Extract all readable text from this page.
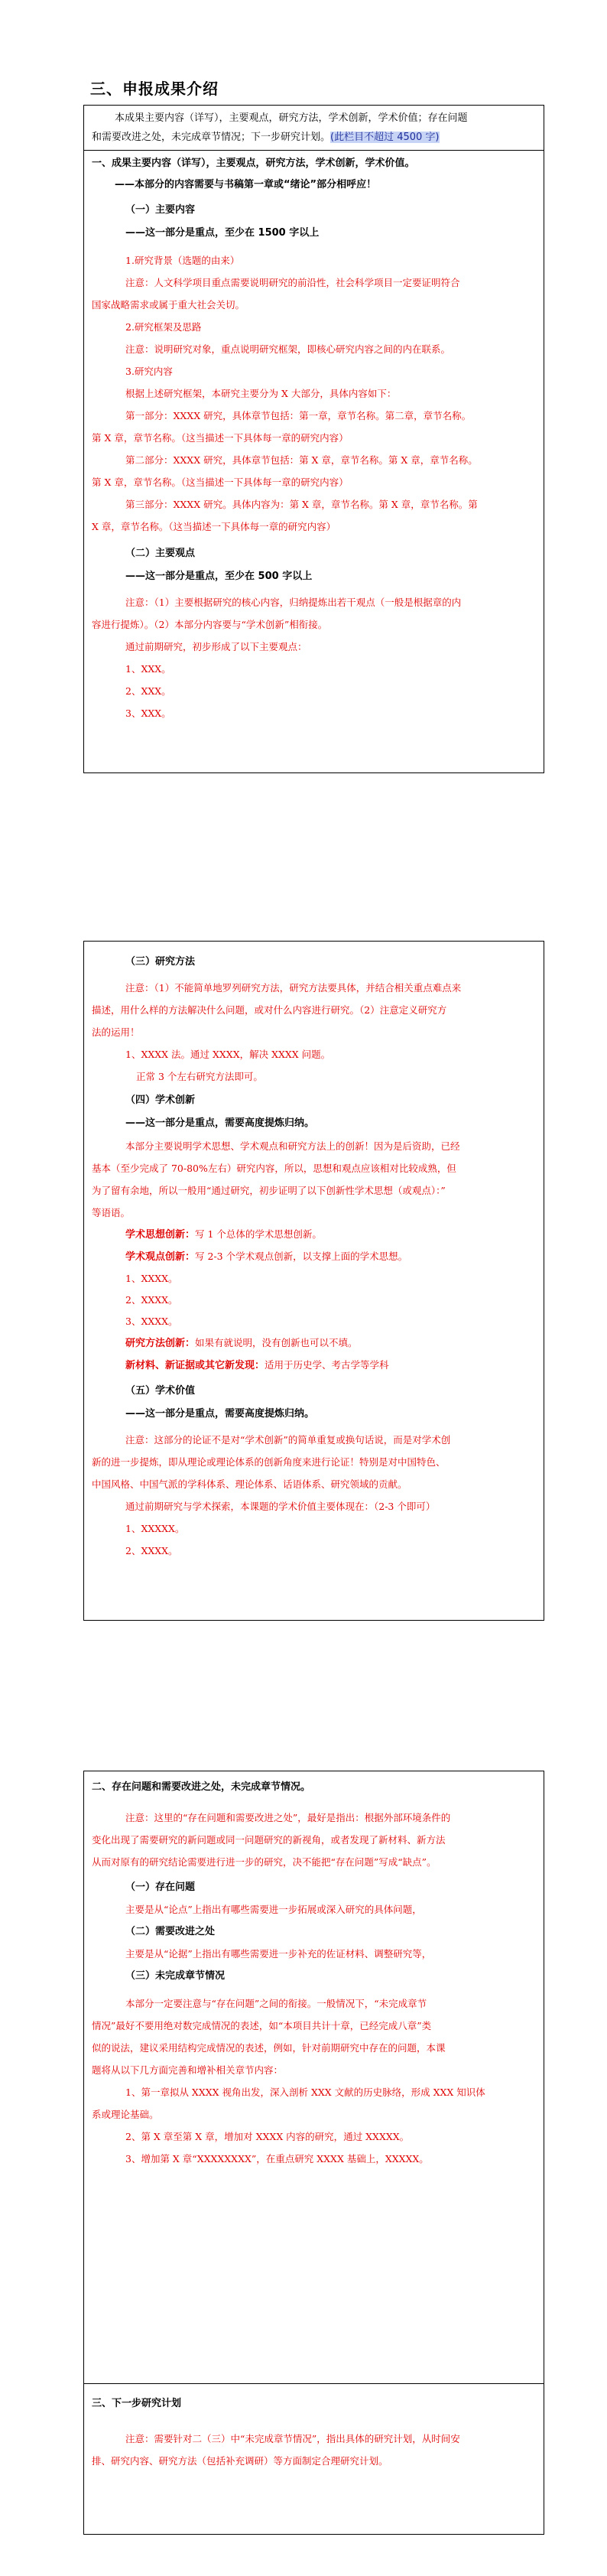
三、申报成果介绍
本成果主要内容（详写），主要观点，研究方法，学术创新，学术价值；存在问题
和需要改进之处，未完成章节情况；下一步研究计划。(此栏目不超过 4500 字)
一、成果主要内容（详写），主要观点，研究方法，学术创新，学术价值。
——本部分的内容需要与书稿第一章或“绪论”部分相呼应！
（一）主要内容
——这一部分是重点，至少在 1500 字以上
1.研究背景（选题的由来）
注意：人文科学项目重点需要说明研究的前沿性，社会科学项目一定要证明符合
国家战略需求或属于重大社会关切。
2.研究框架及思路
注意：说明研究对象，重点说明研究框架，即核心研究内容之间的内在联系。
3.研究内容
根据上述研究框架，本研究主要分为 X 大部分，具体内容如下：
第一部分：XXXX 研究，具体章节包括：第一章，章节名称。第二章，章节名称。
第 X 章，章节名称。（这当描述一下具体每一章的研究内容）
第二部分：XXXX 研究，具体章节包括：第 X 章，章节名称。第 X 章，章节名称。
第 X 章，章节名称。（这当描述一下具体每一章的研究内容）
第三部分：XXXX 研究。具体内容为：第 X 章，章节名称。第 X 章，章节名称。第
X 章，章节名称。（这当描述一下具体每一章的研究内容）
（二）主要观点
——这一部分是重点，至少在 500 字以上
注意：（1）主要根据研究的核心内容，归纳提炼出若干观点（一般是根据章的内
容进行提炼）。（2）本部分内容要与“学术创新”相衔接。
通过前期研究，初步形成了以下主要观点：
1、XXX。
2、XXX。
3、XXX。
（三）研究方法
注意：（1）不能简单地罗列研究方法，研究方法要具体，并结合相关重点难点来
描述，用什么样的方法解决什么问题，或对什么内容进行研究。（2）注意定义研究方
法的运用！
1、XXXX 法。通过 XXXX，解决 XXXX 问题。
正常 3 个左右研究方法即可。
（四）学术创新
——这一部分是重点，需要高度提炼归纳。
本部分主要说明学术思想、学术观点和研究方法上的创新！因为是后资助，已经
基本（至少完成了 70-80%左右）研究内容，所以，思想和观点应该相对比较成熟，但
为了留有余地，所以一般用“通过研究，初步证明了以下创新性学术思想（或观点）：”
等语语。
学术思想创新：写 1 个总体的学术思想创新。
学术观点创新：写 2-3 个学术观点创新，以支撑上面的学术思想。
1、XXXX。
2、XXXX。
3、XXXX。
研究方法创新：如果有就说明，没有创新也可以不填。
新材料、新证据或其它新发现：适用于历史学、考古学等学科
（五）学术价值
——这一部分是重点，需要高度提炼归纳。
注意：这部分的论证不是对“学术创新”的简单重复或换句话说，而是对学术创
新的进一步提炼，即从理论或理论体系的创新角度来进行论证！特别是对中国特色、
中国风格、中国气派的学科体系、理论体系、话语体系、研究领域的贡献。
通过前期研究与学术探索，本课题的学术价值主要体现在：（2-3 个即可）
1、XXXXX。
2、XXXX。
二、存在问题和需要改进之处，未完成章节情况。
注意：这里的“存在问题和需要改进之处”，最好是指出：根据外部环境条件的
变化出现了需要研究的新问题或同一问题研究的新视角，或者发现了新材料、新方法
从而对原有的研究结论需要进行进一步的研究，决不能把“存在问题”写成“缺点”。
（一）存在问题
主要是从“论点”上指出有哪些需要进一步拓展或深入研究的具体问题，
（二）需要改进之处
主要是从“论据”上指出有哪些需要进一步补充的佐证材料、调整研究等，
（三）未完成章节情况
本部分一定要注意与“存在问题”之间的衔接。一般情况下，“未完成章节
情况”最好不要用绝对数完成情况的表述，如“本项目共计十章，已经完成八章”类
似的说法，建议采用结构完成情况的表述，例如，针对前期研究中存在的问题，本课
题将从以下几方面完善和增补相关章节内容：
1、第一章拟从 XXXX 视角出发，深入剖析 XXX 文献的历史脉络，形成 XXX 知识体
系或理论基础。
2、第 X 章至第 X 章，增加对 XXXX 内容的研究，通过 XXXXX。
3、增加第 X 章“XXXXXXXX”，在重点研究 XXXX 基础上，XXXXX。
三、下一步研究计划
注意：需要针对二（三）中“未完成章节情况”，指出具体的研究计划，从时间安
排、研究内容、研究方法（包括补充调研）等方面制定合理研究计划。
